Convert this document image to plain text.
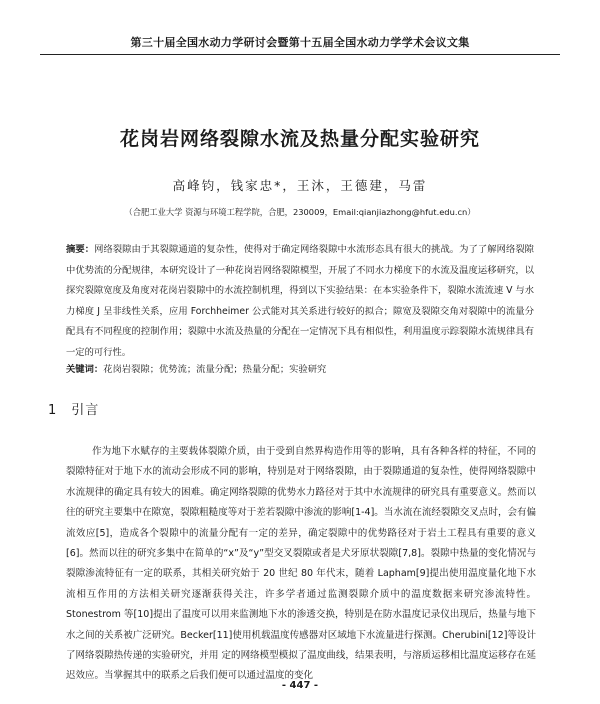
第三十届全国水动力学研讨会暨第十五届全国水动力学学术会议文集
花岗岩网络裂隙水流及热量分配实验研究
高峰钧，钱家忠*，王沐，王德建，马雷
（合肥工业大学 资源与环境工程学院，合肥，230009，Email:qianjiazhong@hfut.edu.cn）
摘要：网络裂隙由于其裂隙通道的复杂性，使得对于确定网络裂隙中水流形态具有很大的挑战。为了了解网络裂隙中优势流的分配规律，本研究设计了一种花岗岩网络裂隙模型，开展了不同水力梯度下的水流及温度运移研究，以探究裂隙宽度及角度对花岗岩裂隙中的水流控制机理，得到以下实验结果：在本实验条件下，裂隙水流流速 V 与水力梯度 J 呈非线性关系，应用 Forchheimer 公式能对其关系进行较好的拟合；隙宽及裂隙交角对裂隙中的流量分配具有不同程度的控制作用；裂隙中水流及热量的分配在一定情况下具有相似性，利用温度示踪裂隙水流规律具有一定的可行性。
关键词：花岗岩裂隙；优势流；流量分配；热量分配；实验研究
1 引言
作为地下水赋存的主要载体裂隙介质，由于受到自然界构造作用等的影响，具有各种各样的特征，不同的裂隙特征对于地下水的流动会形成不同的影响，特别是对于网络裂隙，由于裂隙通道的复杂性，使得网络裂隙中水流规律的确定具有较大的困难。确定网络裂隙的优势水力路径对于其中水流规律的研究具有重要意义。然而以往的研究主要集中在隙宽，裂隙粗糙度等对于差若裂隙中渗流的影响[1-4]。当水流在流经裂隙交叉点时，会有偏流效应[5]，造成各个裂隙中的流量分配有一定的差异，确定裂隙中的优势路径对于岩土工程具有重要的意义[6]。然而以往的研究多集中在简单的“x”及“y”型交叉裂隙或者是犬牙原状裂隙[7,8]。裂隙中热量的变化情况与裂隙渗流特征有一定的联系，其相关研究始于 20 世纪 80 年代末，随着 Lapham[9]提出使用温度量化地下水流相互作用的方法相关研究逐渐获得关注，许多学者通过监测裂隙介质中的温度数据来研究渗流特性。Stonestrom 等[10]提出了温度可以用来监测地下水的渗透交换，特别是在防水温度记录仪出现后，热量与地下水之间的关系被广泛研究。Becker[11]使用机载温度传感器对区域地下水流量进行探测。Cherubini[12]等设计了网络裂隙热传递的实验研究，并用 定的网络模型模拟了温度曲线，结果表明，与溶质运移相比温度运移存在延迟效应。当掌握其中的联系之后我们便可以通过温度的变化
- 447 -
